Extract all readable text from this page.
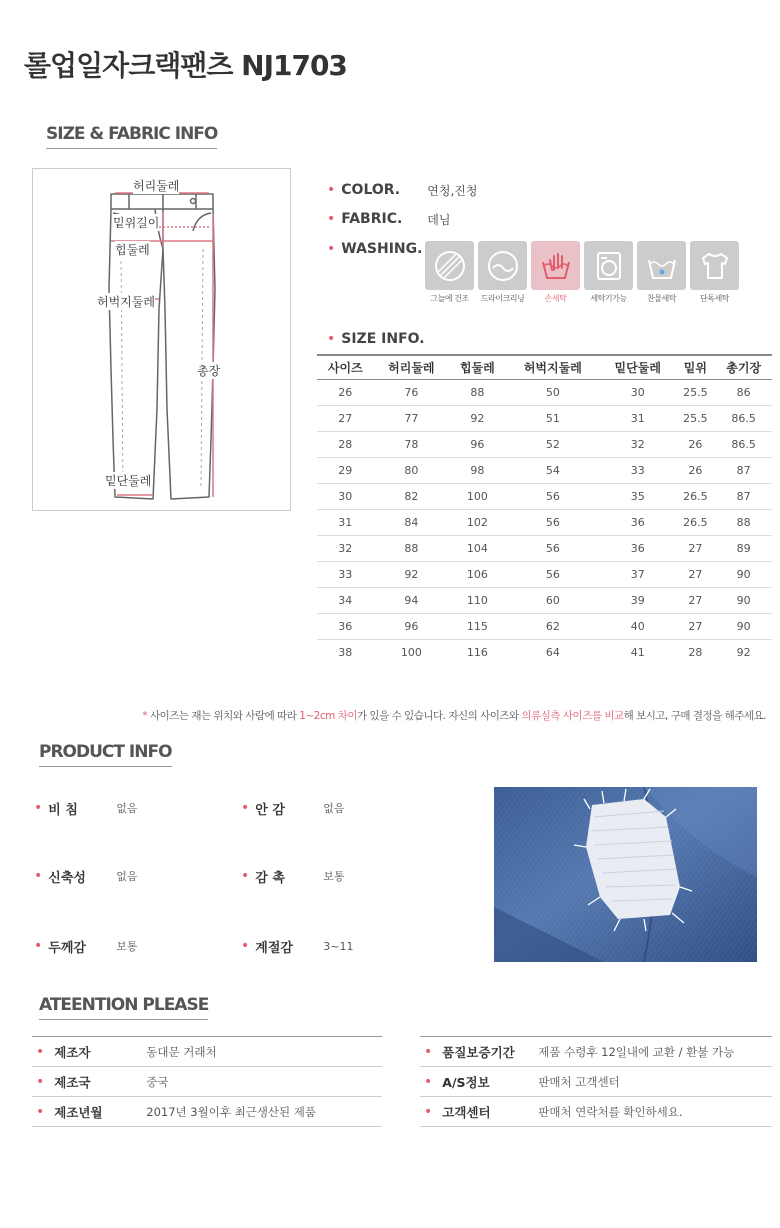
롤업일자크랙팬츠 NJ1703
SIZE & FABRIC INFO
허리둘레
밑위길이
힙둘레
허벅지둘레
총장
밑단둘레
• COLOR.	연청,진청
• FABRIC.	데님
• WASHING.
그늘에 건조	드라이크리닝	손세탁	세탁기가능	찬물세탁	단독세탁
• SIZE INFO.
사이즈	허리둘레	힙둘레	허벅지둘레	밑단둘레	밑위	총기장
26	76	88	50	30	25.5	86
27	77	92	51	31	25.5	86.5
28	78	96	52	32	26	86.5
29	80	98	54	33	26	87
30	82	100	56	35	26.5	87
31	84	102	56	36	26.5	88
32	88	104	56	36	27	89
33	92	106	56	37	27	90
34	94	110	60	39	27	90
36	96	115	62	40	27	90
38	100	116	64	41	28	92
* 사이즈는 재는 위치와 사람에 따라 1~2cm 차이가 있을 수 있습니다. 자신의 사이즈와 의류실측 사이즈를 비교해 보시고, 구매 결정을 해주세요.
PRODUCT INFO
• 비 침	없음	• 안 감	없음
• 신축성	없음	• 감 촉	보통
• 두께감	보통	• 계절감	3~11
ATEENTION PLEASE
• 제조자	동대문 거래처
• 제조국	중국
• 제조년월	2017년 3월이후 최근생산된 제품
• 품질보증기간	제품 수령후 12일내에 교환 / 환불 가능
• A/S정보	판매처 고객센터
• 고객센터	판매처 연락처를 확인하세요.
